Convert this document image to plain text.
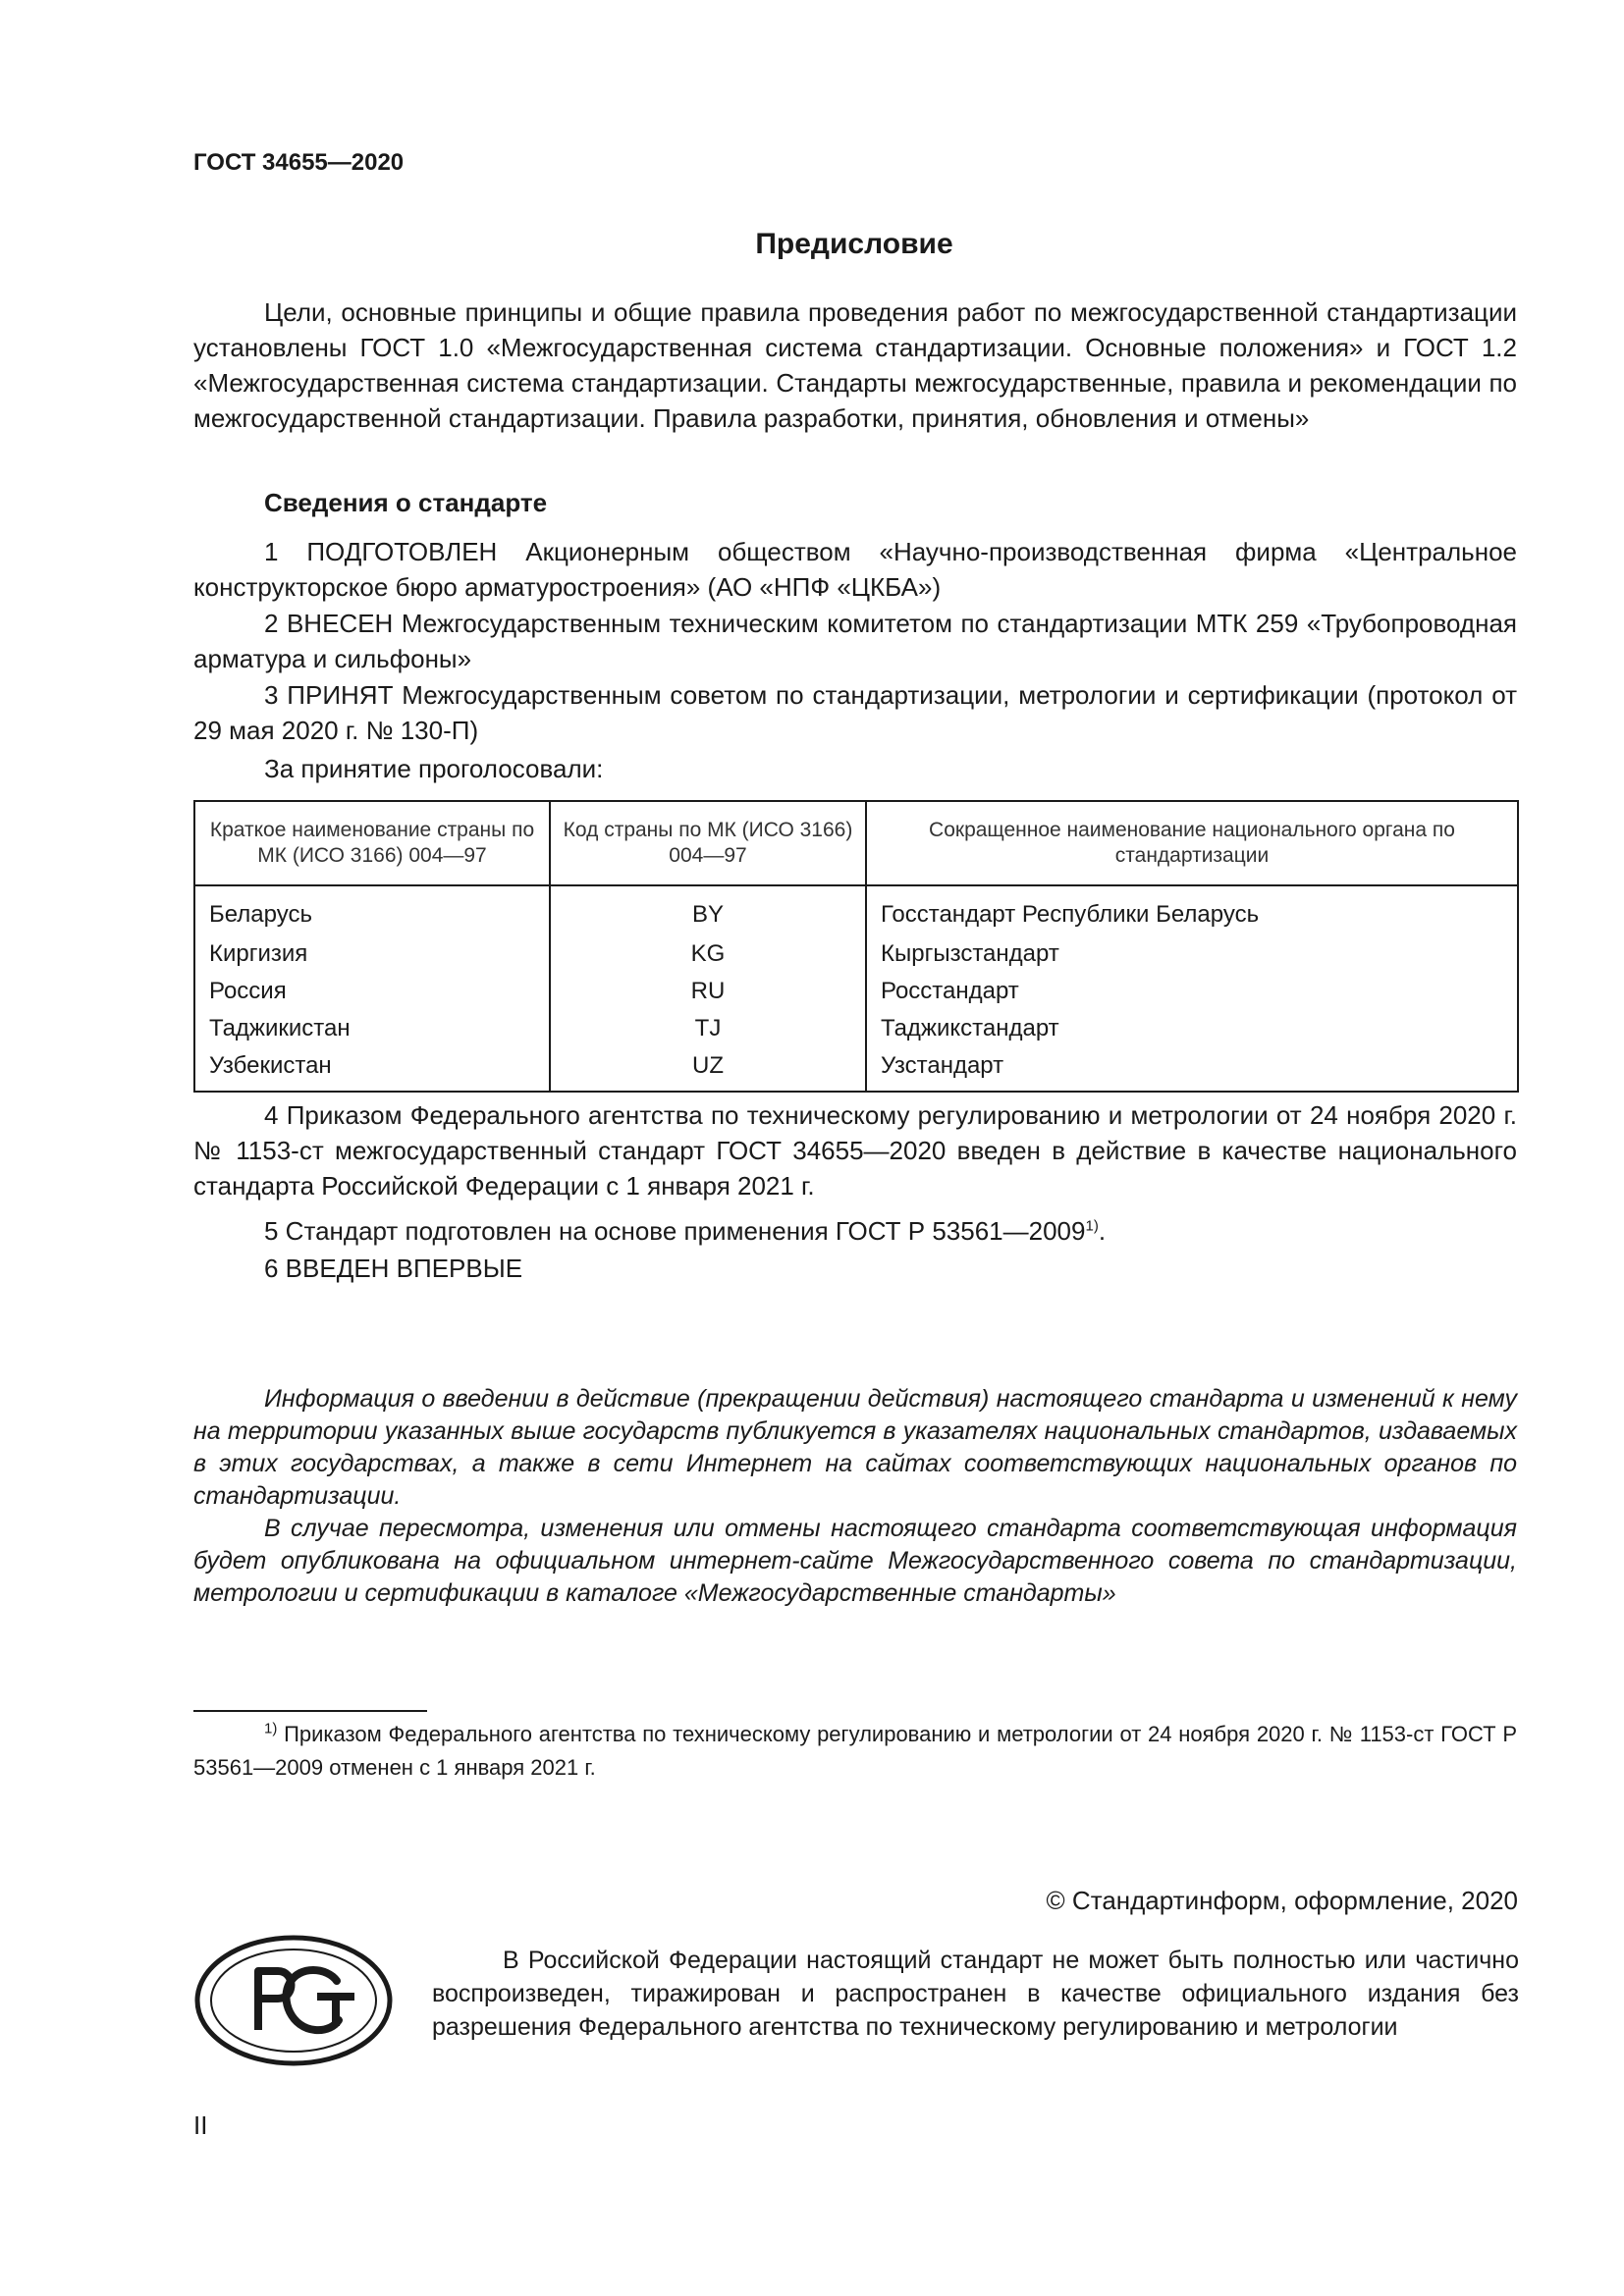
ГОСТ 34655—2020
Предисловие

Цели, основные принципы и общие правила проведения работ по межгосударственной стандартизации установлены ГОСТ 1.0 «Межгосударственная система стандартизации. Основные положения» и ГОСТ 1.2 «Межгосударственная система стандартизации. Стандарты межгосударственные, правила и рекомендации по межгосударственной стандартизации. Правила разработки, принятия, обновления и отмены»

Сведения о стандарте

1 ПОДГОТОВЛЕН Акционерным обществом «Научно-производственная фирма «Центральное конструкторское бюро арматуростроения» (АО «НПФ «ЦКБА»)

2 ВНЕСЕН Межгосударственным техническим комитетом по стандартизации МТК 259 «Трубопроводная арматура и сильфоны»

3 ПРИНЯТ Межгосударственным советом по стандартизации, метрологии и сертификации (протокол от 29 мая 2020 г. № 130-П)

За принятие проголосовали:
Краткое наименование страны по МК (ИСО 3166) 004—97	Код страны по МК (ИСО 3166) 004—97	Сокращенное наименование национального органа по стандартизации
Беларусь	BY	Госстандарт Республики Беларусь
Киргизия	KG	Кыргызстандарт
Россия	RU	Росстандарт
Таджикистан	TJ	Таджикстандарт
Узбекистан	UZ	Узстандарт

4 Приказом Федерального агентства по техническому регулированию и метрологии от 24 ноября 2020 г. № 1153-ст межгосударственный стандарт ГОСТ 34655—2020 введен в действие в качестве национального стандарта Российской Федерации с 1 января 2021 г.

5 Стандарт подготовлен на основе применения ГОСТ Р 53561—2009$^{1)}$.
6 ВВЕДЕН ВПЕРВЫЕ

Информация о введении в действие (прекращении действия) настоящего стандарта и изменений к нему на территории указанных выше государств публикуется в указателях национальных стандартов, издаваемых в этих государствах, а также в сети Интернет на сайтах соответствующих национальных органов по стандартизации.

В случае пересмотра, изменения или отмены настоящего стандарта соответствующая информация будет опубликована на официальном интернет-сайте Межгосударственного совета по стандартизации, метрологии и сертификации в каталоге «Межгосударственные стандарты»

$^{1)}$ Приказом Федерального агентства по техническому регулированию и метрологии от 24 ноября 2020 г. № 1153-ст ГОСТ Р 53561—2009 отменен с 1 января 2021 г.

© Стандартинформ, оформление, 2020

В Российской Федерации настоящий стандарт не может быть полностью или частично воспроизведен, тиражирован и распространен в качестве официального издания без разрешения Федерального агентства по техническому регулированию и метрологии

II
